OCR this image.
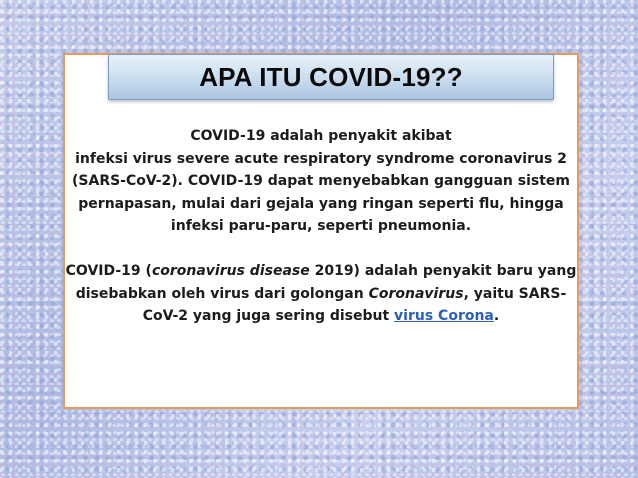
APA ITU COVID-19??

COVID-19 adalah penyakit akibat
infeksi virus severe acute respiratory syndrome coronavirus 2 (SARS-CoV-2). COVID-19 dapat menyebabkan gangguan sistem pernapasan, mulai dari gejala yang ringan seperti flu, hingga infeksi paru-paru, seperti pneumonia.

COVID-19 (coronavirus disease 2019) adalah penyakit baru yang disebabkan oleh virus dari golongan Coronavirus, yaitu SARS-CoV-2 yang juga sering disebut virus Corona.
